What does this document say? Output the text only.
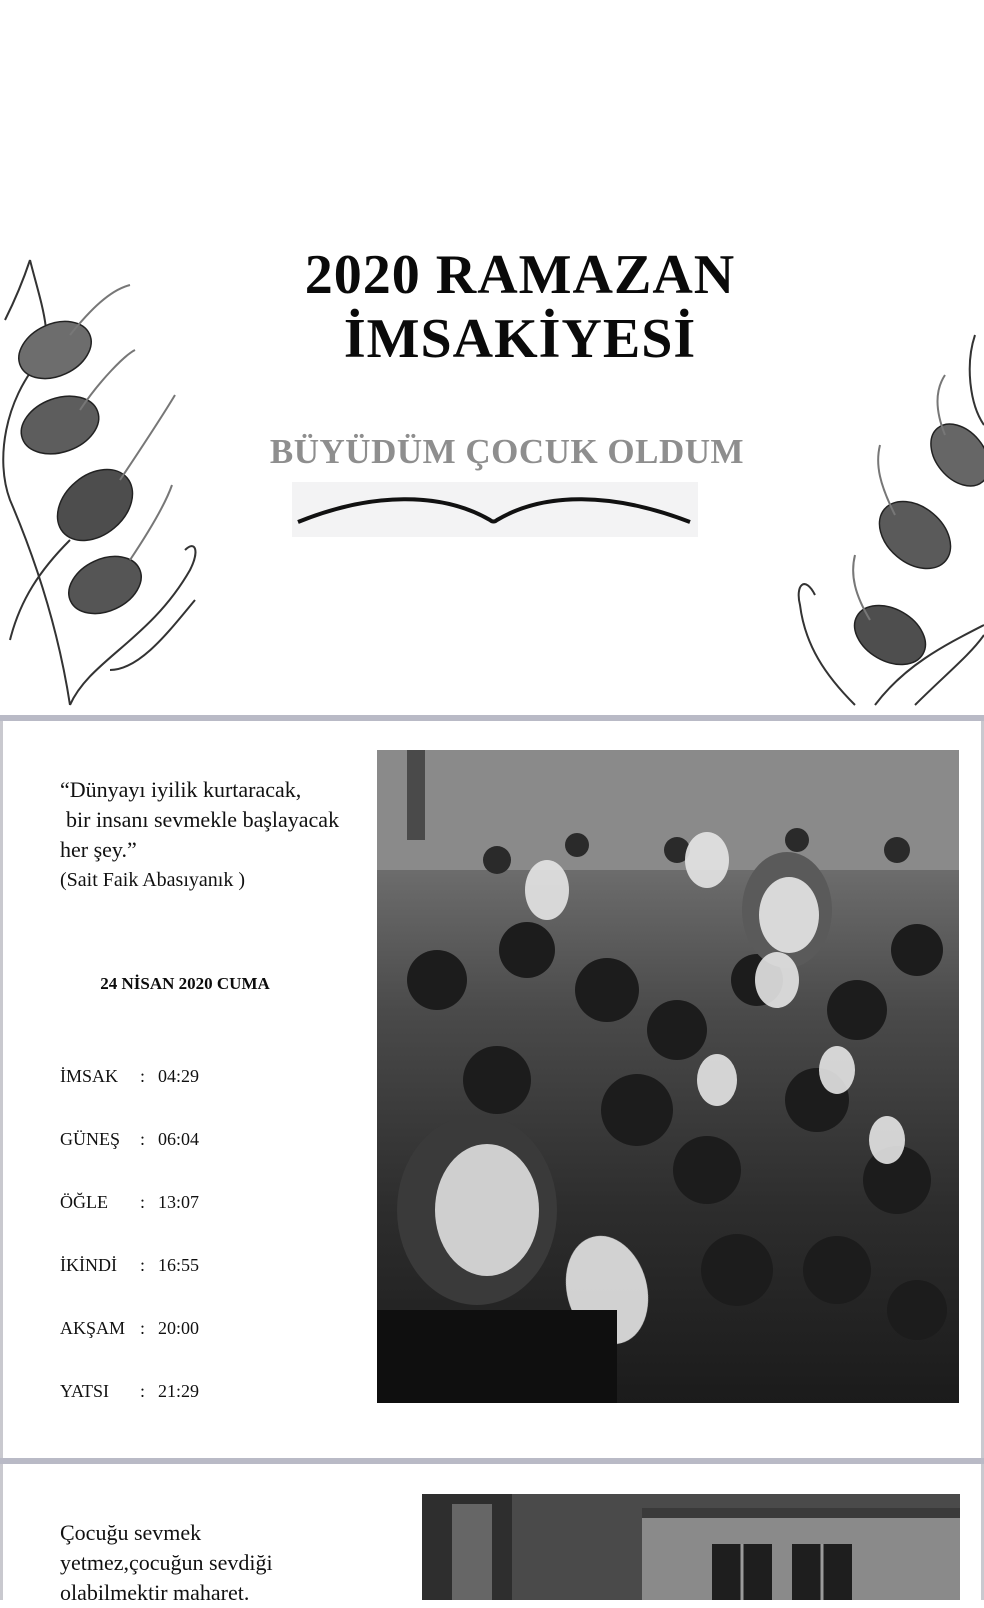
2020 RAMAZAN
İMSAKİYESİ
BÜYÜDÜM ÇOCUK OLDUM
“Dünyayı iyilik kurtaracak,
bir insanı sevmekle başlayacak
her şey.”
(Sait Faik Abasıyanık )
24 NİSAN 2020 CUMA
İMSAK : 04:29
GÜNEŞ : 06:04
ÖĞLE : 13:07
İKİNDİ : 16:55
AKŞAM : 20:00
YATSI : 21:29
Çocuğu sevmek
yetmez,çocuğun sevdiği
olabilmektir maharet.
